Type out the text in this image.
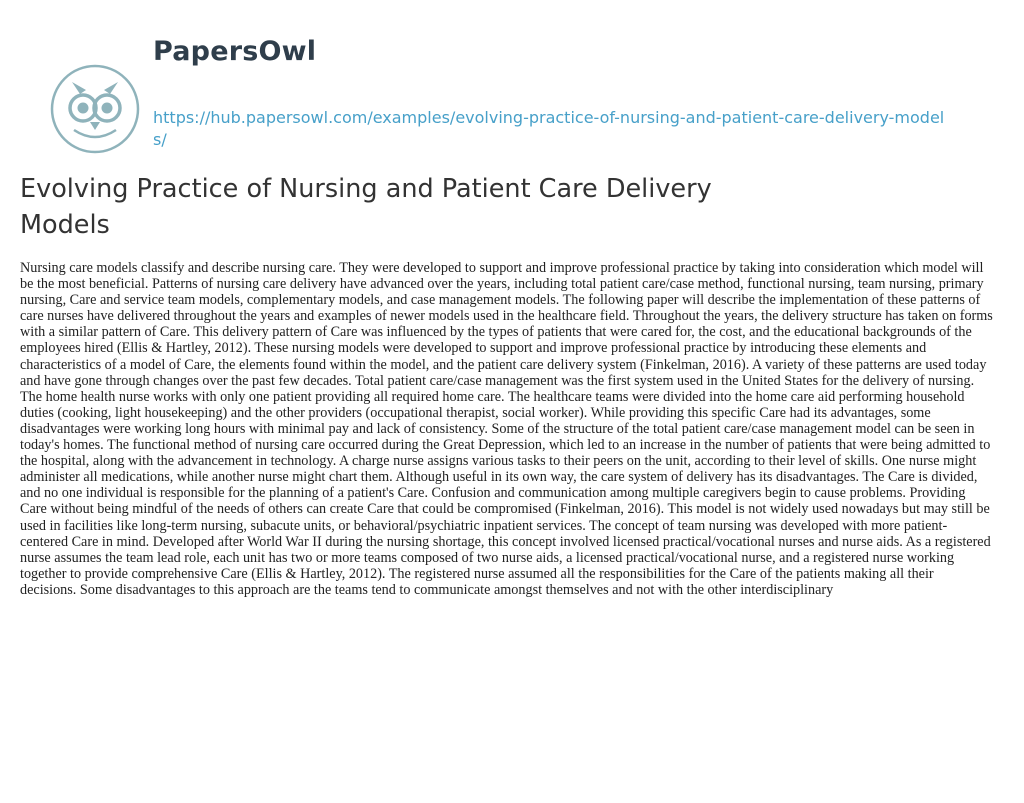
PapersOwl
https://hub.papersowl.com/examples/evolving-practice-of-nursing-and-patient-care-delivery-models/
Evolving Practice of Nursing and Patient Care Delivery Models

Nursing care models classify and describe nursing care. They were developed to support and improve professional practice by taking into consideration which model will be the most beneficial. Patterns of nursing care delivery have advanced over the years, including total patient care/case method, functional nursing, team nursing, primary nursing, Care and service team models, complementary models, and case management models. The following paper will describe the implementation of these patterns of care nurses have delivered throughout the years and examples of newer models used in the healthcare field. Throughout the years, the delivery structure has taken on forms with a similar pattern of Care. This delivery pattern of Care was influenced by the types of patients that were cared for, the cost, and the educational backgrounds of the employees hired (Ellis & Hartley, 2012). These nursing models were developed to support and improve professional practice by introducing these elements and characteristics of a model of Care, the elements found within the model, and the patient care delivery system (Finkelman, 2016). A variety of these patterns are used today and have gone through changes over the past few decades. Total patient care/case management was the first system used in the United States for the delivery of nursing. The home health nurse works with only one patient providing all required home care. The healthcare teams were divided into the home care aid performing household duties (cooking, light housekeeping) and the other providers (occupational therapist, social worker). While providing this specific Care had its advantages, some disadvantages were working long hours with minimal pay and lack of consistency. Some of the structure of the total patient care/case management model can be seen in today's homes. The functional method of nursing care occurred during the Great Depression, which led to an increase in the number of patients that were being admitted to the hospital, along with the advancement in technology. A charge nurse assigns various tasks to their peers on the unit, according to their level of skills. One nurse might administer all medications, while another nurse might chart them. Although useful in its own way, the care system of delivery has its disadvantages. The Care is divided, and no one individual is responsible for the planning of a patient's Care. Confusion and communication among multiple caregivers begin to cause problems. Providing Care without being mindful of the needs of others can create Care that could be compromised (Finkelman, 2016). This model is not widely used nowadays but may still be used in facilities like long-term nursing, subacute units, or behavioral/psychiatric inpatient services. The concept of team nursing was developed with more patient-centered Care in mind. Developed after World War II during the nursing shortage, this concept involved licensed practical/vocational nurses and nurse aids. As a registered nurse assumes the team lead role, each unit has two or more teams composed of two nurse aids, a licensed practical/vocational nurse, and a registered nurse working together to provide comprehensive Care (Ellis & Hartley, 2012). The registered nurse assumed all the responsibilities for the Care of the patients making all their decisions. Some disadvantages to this approach are the teams tend to communicate amongst themselves and not with the other interdisciplinary
